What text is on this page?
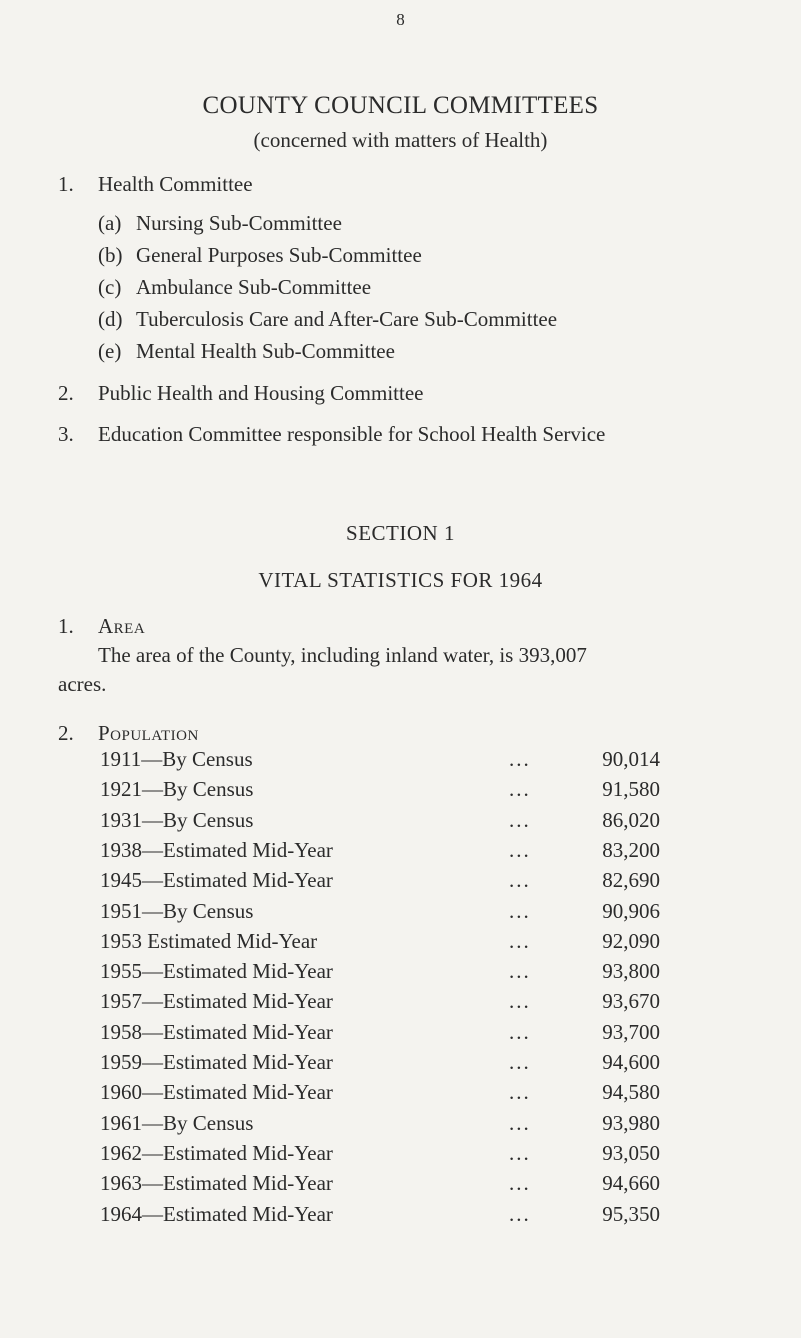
8
COUNTY COUNCIL COMMITTEES
(concerned with matters of Health)
1. Health Committee
(a) Nursing Sub-Committee
(b) General Purposes Sub-Committee
(c) Ambulance Sub-Committee
(d) Tuberculosis Care and After-Care Sub-Committee
(e) Mental Health Sub-Committee
2. Public Health and Housing Committee
3. Education Committee responsible for School Health Service
SECTION 1
VITAL STATISTICS FOR 1964
1. Area
The area of the County, including inland water, is 393,007
acres.
2. Population
1911—By Census	...	90,014
1921—By Census	...	91,580
1931—By Census	...	86,020
1938—Estimated Mid-Year	...	83,200
1945—Estimated Mid-Year	...	82,690
1951—By Census	...	90,906
1953 Estimated Mid-Year	...	92,090
1955—Estimated Mid-Year	...	93,800
1957—Estimated Mid-Year	...	93,670
1958—Estimated Mid-Year	...	93,700
1959—Estimated Mid-Year	...	94,600
1960—Estimated Mid-Year	...	94,580
1961—By Census	...	93,980
1962—Estimated Mid-Year	...	93,050
1963—Estimated Mid-Year	...	94,660
1964—Estimated Mid-Year	...	95,350
